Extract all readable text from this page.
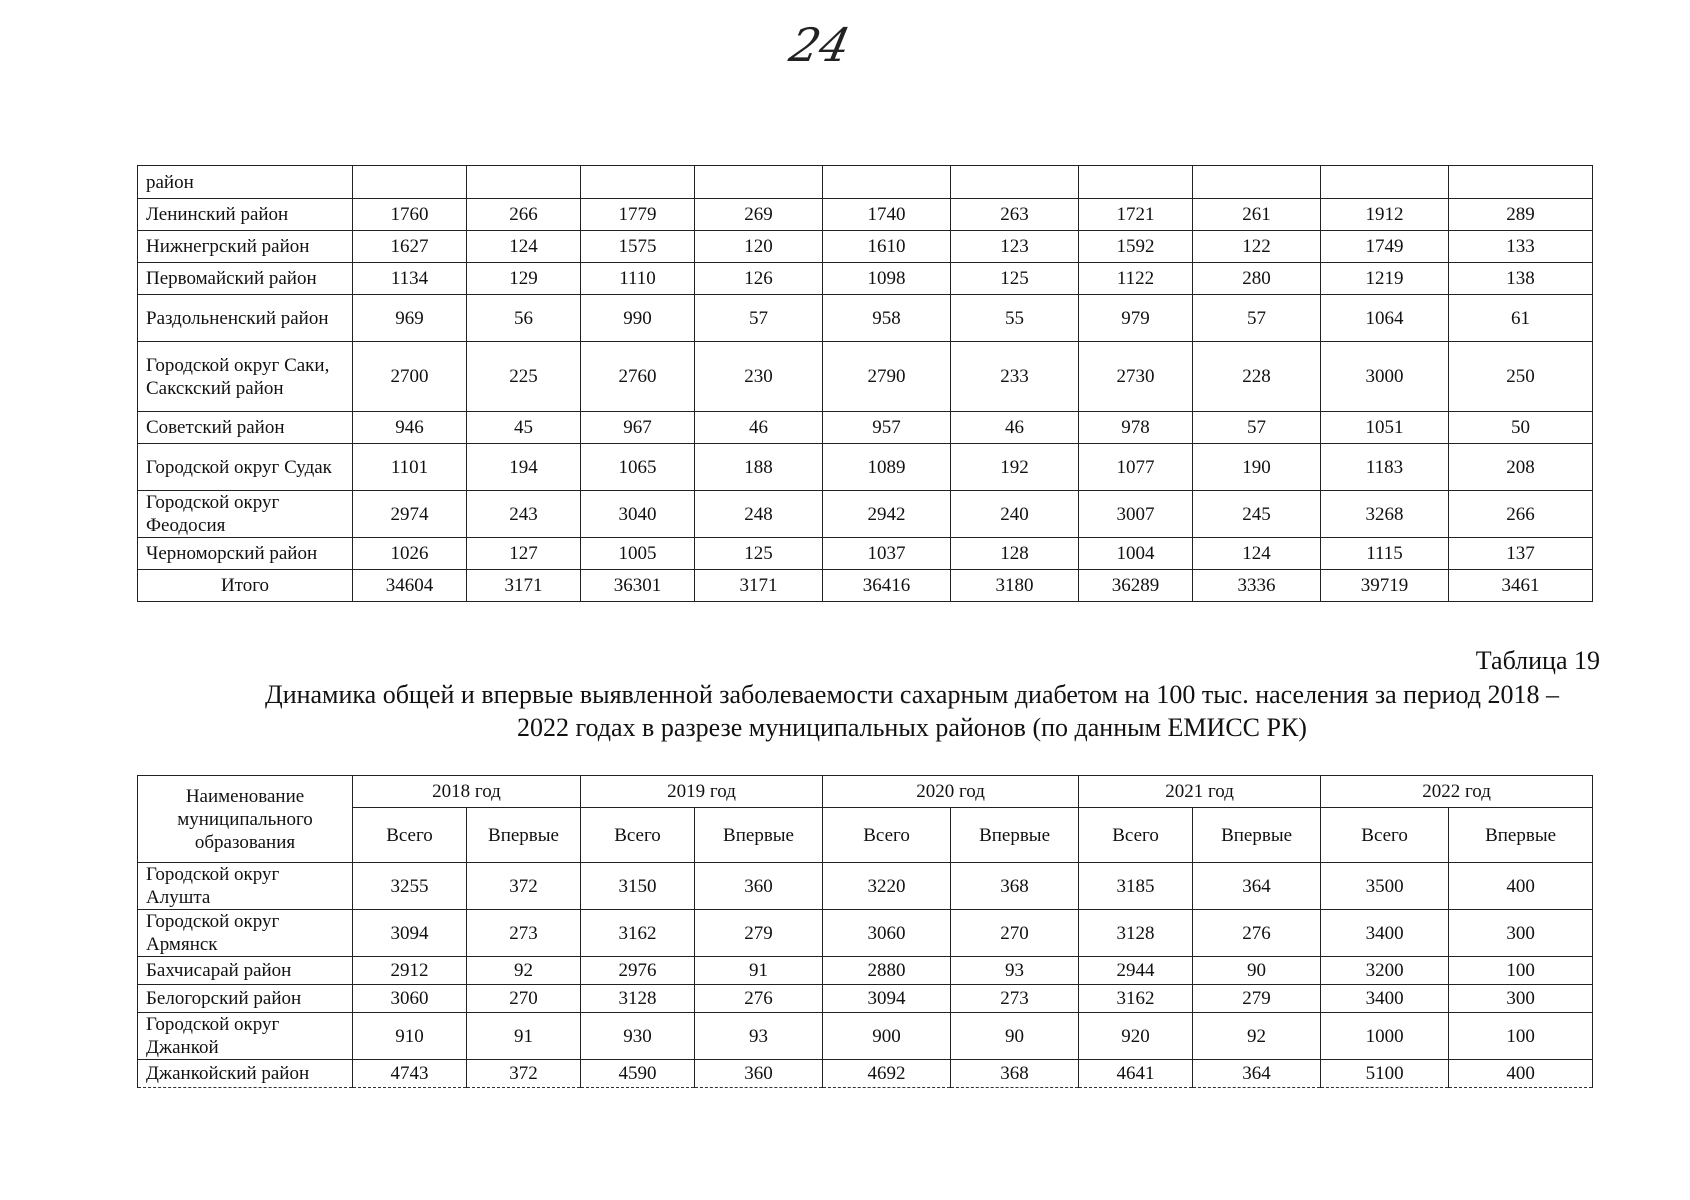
24
район										
Ленинский район	1760	266	1779	269	1740	263	1721	261	1912	289
Нижнегрский район	1627	124	1575	120	1610	123	1592	122	1749	133
Первомайский район	1134	129	1110	126	1098	125	1122	280	1219	138
Раздольненский район	969	56	990	57	958	55	979	57	1064	61
Городской округ Саки, Сакскский район	2700	225	2760	230	2790	233	2730	228	3000	250
Советский район	946	45	967	46	957	46	978	57	1051	50
Городской округ Судак	1101	194	1065	188	1089	192	1077	190	1183	208
Городской округ Феодосия	2974	243	3040	248	2942	240	3007	245	3268	266
Черноморский район	1026	127	1005	125	1037	128	1004	124	1115	137
Итого	34604	3171	36301	3171	36416	3180	36289	3336	39719	3461
Таблица 19
Динамика общей и впервые выявленной заболеваемости сахарным диабетом на 100 тыс. населения за период 2018 – 2022 годах в разрезе муниципальных районов (по данным ЕМИСС РК)
Наименование муниципального образования	2018 год		2019 год		2020 год		2021 год		2022 год	
	Всего	Впервые	Всего	Впервые	Всего	Впервые	Всего	Впервые	Всего	Впервые
Городской округ Алушта	3255	372	3150	360	3220	368	3185	364	3500	400
Городской округ Армянск	3094	273	3162	279	3060	270	3128	276	3400	300
Бахчисарай район	2912	92	2976	91	2880	93	2944	90	3200	100
Белогорский район	3060	270	3128	276	3094	273	3162	279	3400	300
Городской округ Джанкой	910	91	930	93	900	90	920	92	1000	100
Джанкойский район	4743	372	4590	360	4692	368	4641	364	5100	400
